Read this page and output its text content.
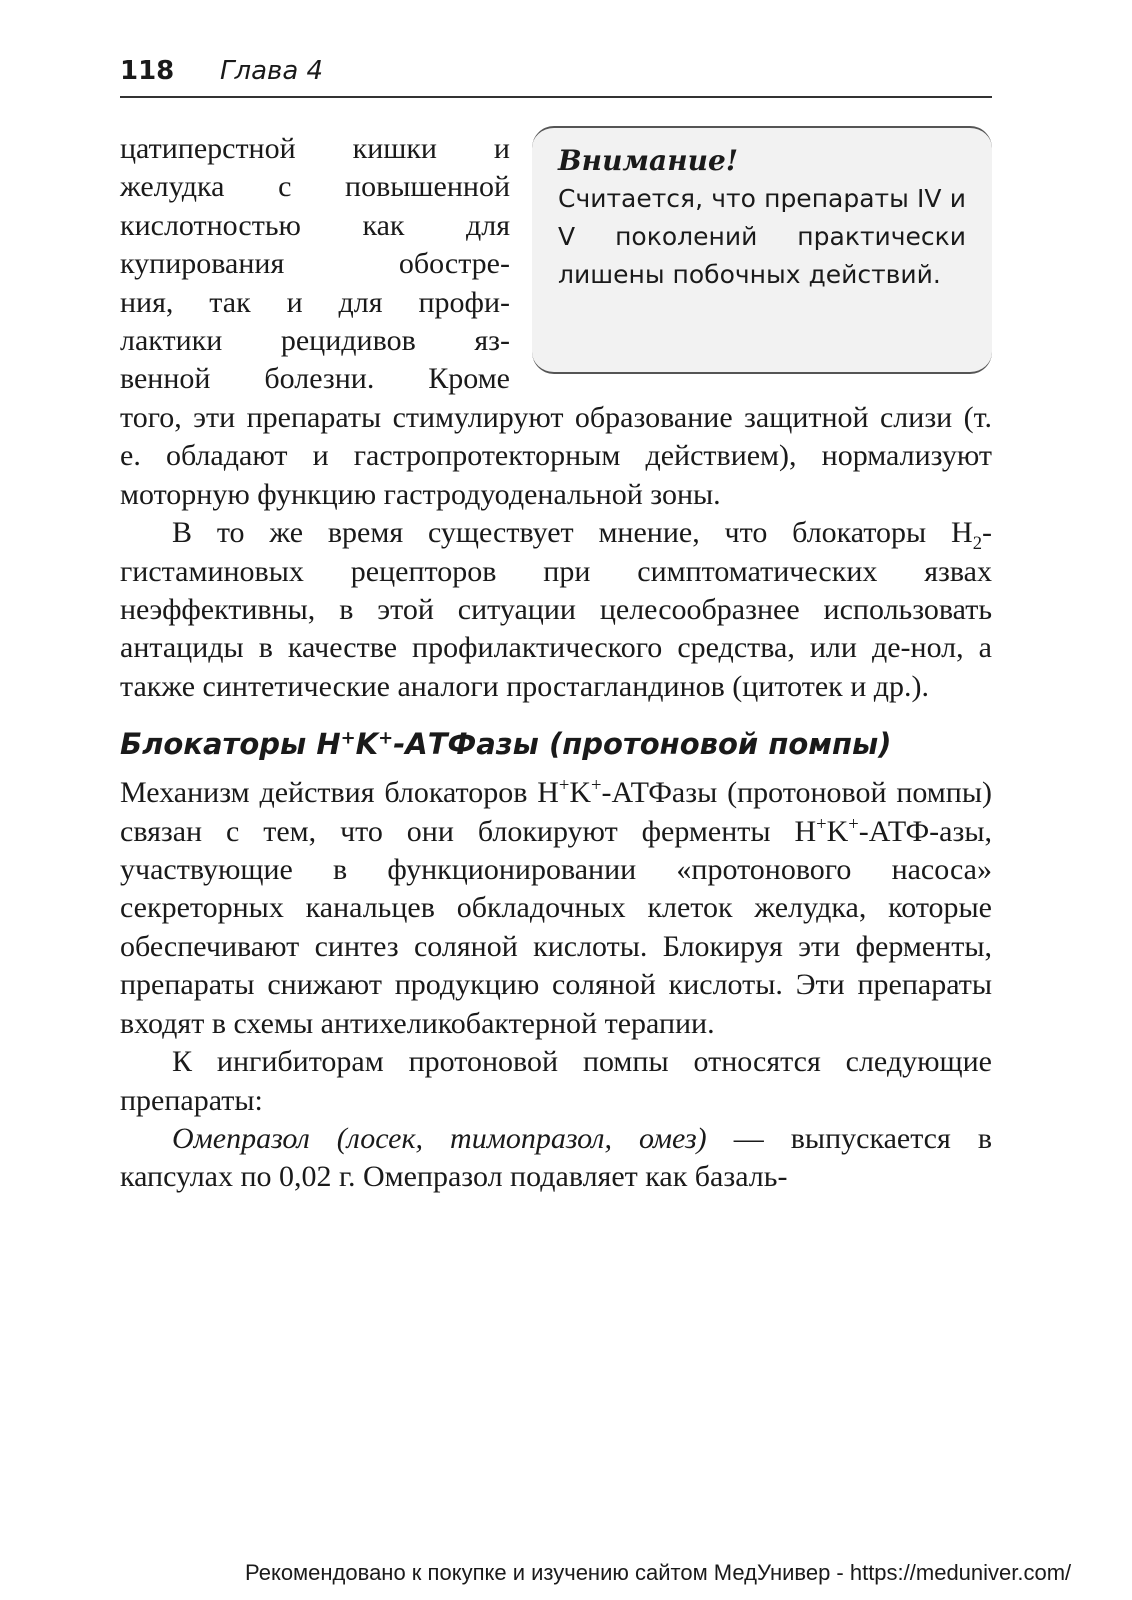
118 Глава 4
цатиперстной кишки и
желудка с повышенной
кислотностью как для
купирования обостре-
ния, так и для профи-
лактики рецидивов яз-
венной болезни. Кроме
Внимание!
Считается, что препараты IV и V поколений практически лишены побочных действий.

того, эти препараты стимулируют образование защитной слизи (т. е. обладают и гастропротекторным действием), нормализуют моторную функцию гастродуоденальной зоны.

В то же время существует мнение, что блокаторы $H_2$-гистаминовых рецепторов при симптоматических язвах неэффективны, в этой ситуации целесообразнее использовать антациды в качестве профилактического средства, или де-нол, а также синтетические аналоги простагландинов (цитотек и др.).

Блокаторы H+K+-АТФазы (протоновой помпы)

Механизм действия блокаторов H+K+-АТФазы (протоновой помпы) связан с тем, что они блокируют ферменты H+K+-АТФ-азы, участвующие в функционировании «протонового насоса» секреторных канальцев обкладочных клеток желудка, которые обеспечивают синтез соляной кислоты. Блокируя эти ферменты, препараты снижают продукцию соляной кислоты. Эти препараты входят в схемы антихеликобактерной терапии.

К ингибиторам протоновой помпы относятся следующие препараты:

Омепразол (лосек, тимопразол, омез) — выпускается в капсулах по 0,02 г. Омепразол подавляет как базаль-

Рекомендовано к покупке и изучению сайтом МедУнивер - https://meduniver.com/
